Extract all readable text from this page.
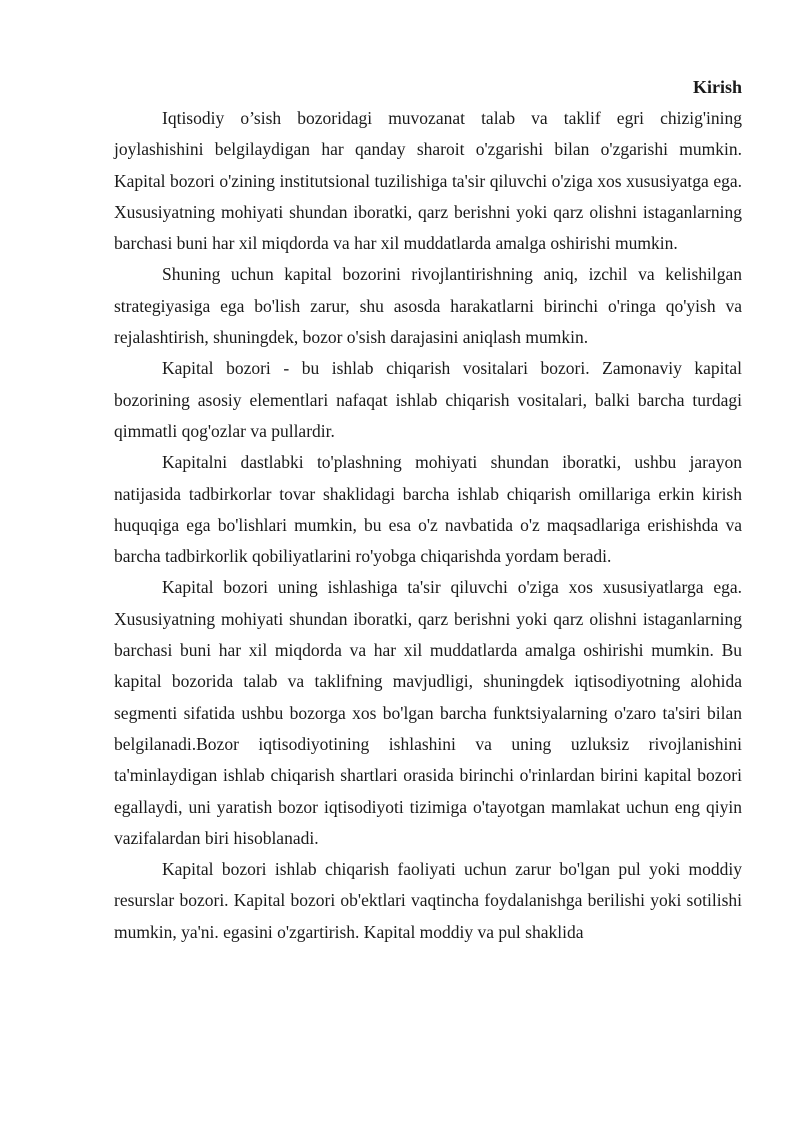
Kirish

Iqtisodiy o’sish bozoridagi muvozanat talab va taklif egri chizig'ining joylashishini belgilaydigan har qanday sharoit o'zgarishi bilan o'zgarishi mumkin. Kapital bozori o'zining institutsional tuzilishiga ta'sir qiluvchi o'ziga xos xususiyatga ega. Xususiyatning mohiyati shundan iboratki, qarz berishni yoki qarz olishni istaganlarning barchasi buni har xil miqdorda va har xil muddatlarda amalga oshirishi mumkin.

Shuning uchun kapital bozorini rivojlantirishning aniq, izchil va kelishilgan strategiyasiga ega bo'lish zarur, shu asosda harakatlarni birinchi o'ringa qo'yish va rejalashtirish, shuningdek, bozor o'sish darajasini aniqlash mumkin.

Kapital bozori - bu ishlab chiqarish vositalari bozori. Zamonaviy kapital bozorining asosiy elementlari nafaqat ishlab chiqarish vositalari, balki barcha turdagi qimmatli qog'ozlar va pullardir.

Kapitalni dastlabki to'plashning mohiyati shundan iboratki, ushbu jarayon natijasida tadbirkorlar tovar shaklidagi barcha ishlab chiqarish omillariga erkin kirish huquqiga ega bo'lishlari mumkin, bu esa o'z navbatida o'z maqsadlariga erishishda va barcha tadbirkorlik qobiliyatlarini ro'yobga chiqarishda yordam beradi.

Kapital bozori uning ishlashiga ta'sir qiluvchi o'ziga xos xususiyatlarga ega. Xususiyatning mohiyati shundan iboratki, qarz berishni yoki qarz olishni istaganlarning barchasi buni har xil miqdorda va har xil muddatlarda amalga oshirishi mumkin. Bu kapital bozorida talab va taklifning mavjudligi, shuningdek iqtisodiyotning alohida segmenti sifatida ushbu bozorga xos bo'lgan barcha funktsiyalarning o'zaro ta'siri bilan belgilanadi.Bozor iqtisodiyotining ishlashini va uning uzluksiz rivojlanishini ta'minlaydigan ishlab chiqarish shartlari orasida birinchi o'rinlardan birini kapital bozori egallaydi, uni yaratish bozor iqtisodiyoti tizimiga o'tayotgan mamlakat uchun eng qiyin vazifalardan biri hisoblanadi.

Kapital bozori ishlab chiqarish faoliyati uchun zarur bo'lgan pul yoki moddiy resurslar bozori. Kapital bozori ob'ektlari vaqtincha foydalanishga berilishi yoki sotilishi mumkin, ya'ni. egasini o'zgartirish. Kapital moddiy va pul shaklida
